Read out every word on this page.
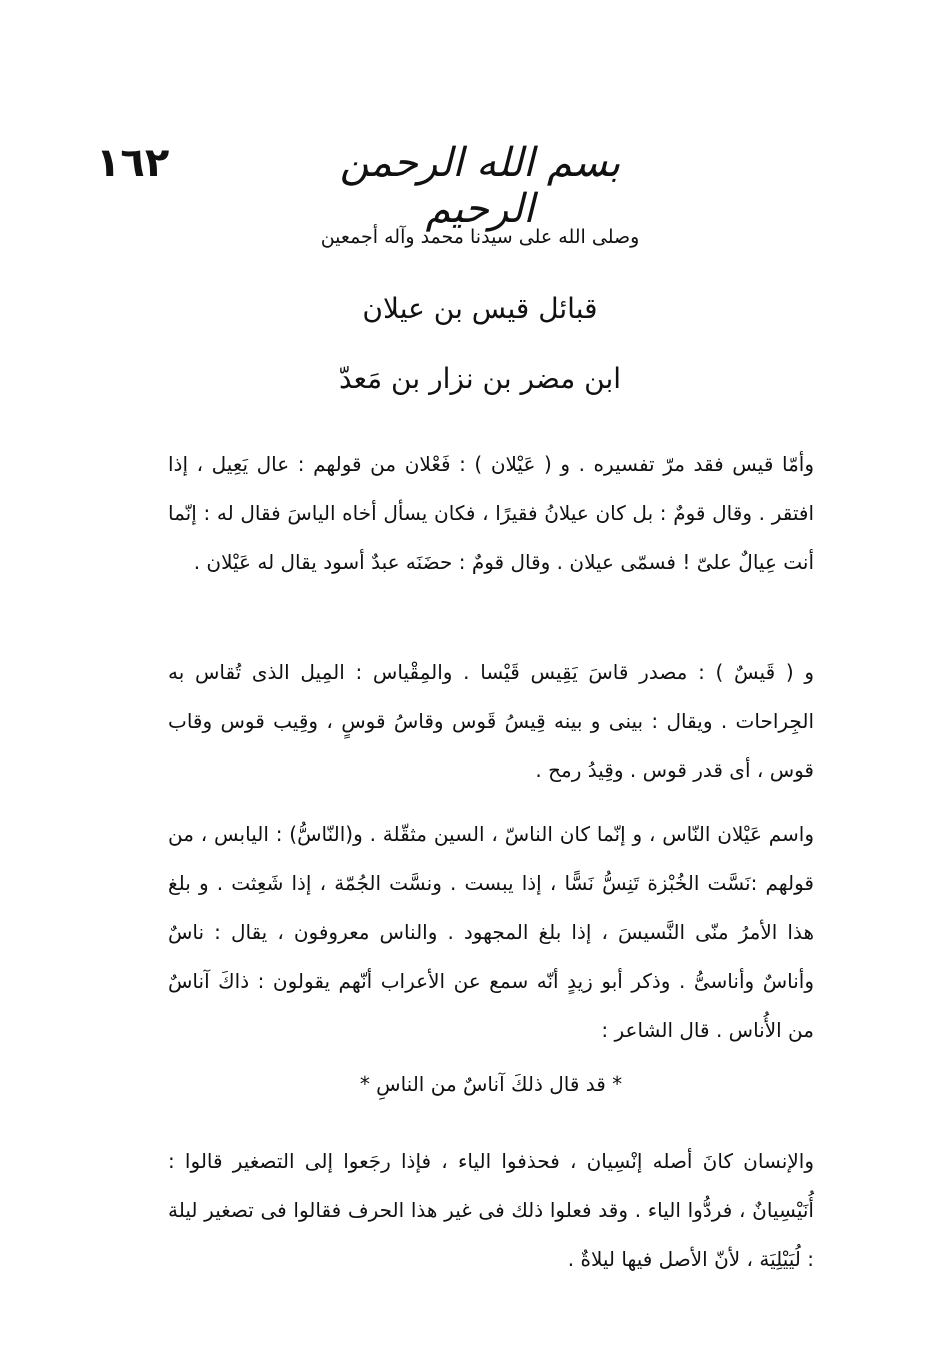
١٦٢	بسم الله الرحمن الرحيم
وصلى الله على سيدنا محمد وآله أجمعين
قبائل قيس بن عيلان
ابن مضر بن نزار بن مَعدّ

وأمّا قيس فقد مرّ تفسيره . و ( عَيْلان ) : فَعْلان من قولهم : عال يَعِيل ، إذا افتقر . وقال قومٌ : بل كان عيلانُ فقيرًا ، فكان يسأل أخاه الياسَ فقال له : إنّما أنت عِيالٌ علىّ ! فسمّى عيلان . وقال قومٌ : حضَنَه عبدٌ أسود يقال له عَيْلان .

و ( قَيسٌ ) : مصدر قاسَ يَقِيس قَيْسا . والمِقْياس : المِيل الذى تُقاس به الجِراحات . ويقال : بينى و بينه قِيسُ قَوس وقاسُ قوسٍ ، وقِيب قوس وقاب قوس ، أى قدر قوس . وقِيدُ رمح .

واسم عَيْلان النّاس ، و إنّما كان الناسّ ، السين مثقّلة . و(النّاسُّ) : اليابس ، من قولهم :نَسَّت الخُبْزة تَنِسُّ نَسًّا ، إذا يبست . ونسَّت الجُمّة ، إذا شَعِثت . و بلغ هذا الأمرُ منّى النَّسيسَ ، إذا بلغ المجهود . والناس معروفون ، يقال : ناسٌ وأناسٌ وأناسىُّ . وذكر أبو زيدٍ أنّه سمع عن الأعراب أنّهم يقولون : ذاكَ آناسٌ من الأُناس . قال الشاعر :

* قد قال ذلكَ آناسٌ من الناسِ *

والإنسان كانَ أصله إنْسِيان ، فحذفوا الياء ، فإذا رجَعوا إلى التصغير قالوا : أُنَيْسِيانٌ ، فردُّوا الياء . وقد فعلوا ذلك فى غير هذا الحرف فقالوا فى تصغير ليلة : لُيَيْلِيَة ، لأنّ الأصل فيها ليلاةٌ .
